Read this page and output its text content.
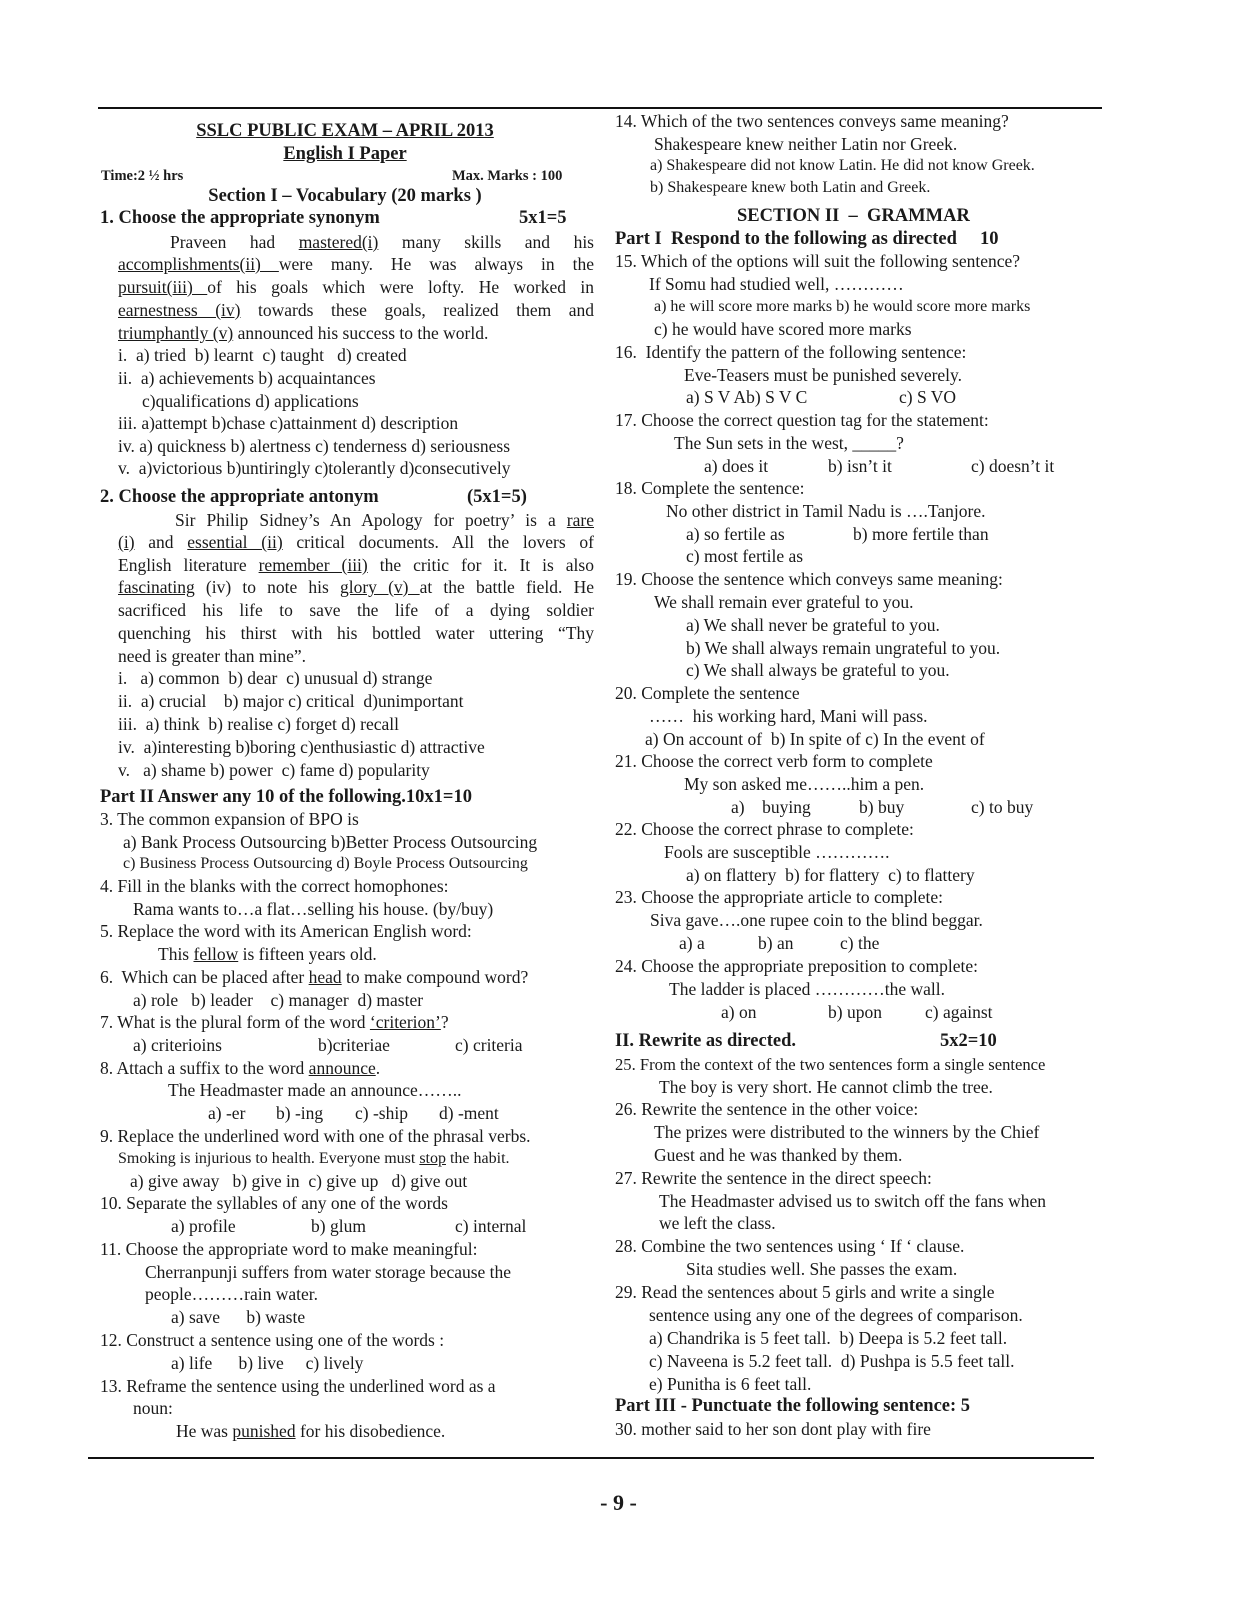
SSLC PUBLIC EXAM – APRIL 2013
English I Paper
Time:2 ½ hrs	Max. Marks : 100
Section I – Vocabulary (20 marks )
1. Choose the appropriate synonym	5x1=5
Praveen had mastered(i) many skills and his
accomplishments(ii) were many. He was always in the
pursuit(iii) of his goals which were lofty. He worked in
earnestness (iv) towards these goals, realized them and
triumphantly (v) announced his success to the world.
i.  a) tried  b) learnt  c) taught   d) created
ii.  a) achievements b) acquaintances
c)qualifications d) applications
iii. a)attempt b)chase c)attainment d) description
iv. a) quickness b) alertness c) tenderness d) seriousness
v.  a)victorious b)untiringly c)tolerantly d)consecutively
2. Choose the appropriate antonym	(5x1=5)
Sir Philip Sidney’s An Apology for poetry’ is a rare
(i) and essential (ii) critical documents. All the lovers of
English literature remember (iii) the critic for it. It is also
fascinating (iv) to note his glory (v) at the battle field. He
sacrificed his life to save the life of a dying soldier
quenching his thirst with his bottled water uttering “Thy
need is greater than mine”.
i.   a) common  b) dear  c) unusual d) strange
ii.  a) crucial    b) major c) critical  d)unimportant
iii.  a) think  b) realise c) forget d) recall
iv.  a)interesting b)boring c)enthusiastic d) attractive
v.   a) shame b) power  c) fame d) popularity
Part II Answer any 10 of the following.10x1=10
3. The common expansion of BPO is
a) Bank Process Outsourcing b)Better Process Outsourcing
c) Business Process Outsourcing d) Boyle Process Outsourcing
4. Fill in the blanks with the correct homophones:
Rama wants to…a flat…selling his house. (by/buy)
5. Replace the word with its American English word:
This fellow is fifteen years old.
6.  Which can be placed after head to make compound word?
a) role   b) leader    c) manager  d) master
7. What is the plural form of the word ‘criterion’?
a) criterioins	b)criteriae	c) criteria
8. Attach a suffix to the word announce.
The Headmaster made an announce……..
a) -er b) -ing c) -ship d) -ment
9. Replace the underlined word with one of the phrasal verbs.
Smoking is injurious to health. Everyone must stop the habit.
a) give away   b) give in  c) give up   d) give out
10. Separate the syllables of any one of the words
a) profile	b) glum	c) internal
11. Choose the appropriate word to make meaningful:
Cherranpunji suffers from water storage because the
people………rain water.
a) save      b) waste
12. Construct a sentence using one of the words :
a) life      b) live     c) lively
13. Reframe the sentence using the underlined word as a
noun:
He was punished for his disobedience.
14. Which of the two sentences conveys same meaning?
Shakespeare knew neither Latin nor Greek.
a) Shakespeare did not know Latin. He did not know Greek.
b) Shakespeare knew both Latin and Greek.
SECTION II  –  GRAMMAR
Part I  Respond to the following as directed     10
15. Which of the options will suit the following sentence?
If Somu had studied well, …………
a) he will score more marks b) he would score more marks
c) he would have scored more marks
16.  Identify the pattern of the following sentence:
Eve-Teasers must be punished severely.
a) S V Ab) S V C	c) S VO
17. Choose the correct question tag for the statement:
The Sun sets in the west, _____?
a) does it	b) isn’t it	c) doesn’t it
18. Complete the sentence:
No other district in Tamil Nadu is ….Tanjore.
a) so fertile as	b) more fertile than
c) most fertile as
19. Choose the sentence which conveys same meaning:
We shall remain ever grateful to you.
a) We shall never be grateful to you.
b) We shall always remain ungrateful to you.
c) We shall always be grateful to you.
20. Complete the sentence
……  his working hard, Mani will pass.
a) On account of  b) In spite of c) In the event of
21. Choose the correct verb form to complete
My son asked me……..him a pen.
a)    buying	b) buy	c) to buy
22. Choose the correct phrase to complete:
Fools are susceptible ………….
a) on flattery  b) for flattery  c) to flattery
23. Choose the appropriate article to complete:
Siva gave….one rupee coin to the blind beggar.
a) a	b) an	c) the
24. Choose the appropriate preposition to complete:
The ladder is placed …………the wall.
a) on	b) upon c) against
II. Rewrite as directed.	5x2=10
25. From the context of the two sentences form a single sentence
The boy is very short. He cannot climb the tree.
26. Rewrite the sentence in the other voice:
The prizes were distributed to the winners by the Chief
Guest and he was thanked by them.
27. Rewrite the sentence in the direct speech:
The Headmaster advised us to switch off the fans when
we left the class.
28. Combine the two sentences using ‘ If ‘ clause.
Sita studies well. She passes the exam.
29. Read the sentences about 5 girls and write a single
sentence using any one of the degrees of comparison.
a) Chandrika is 5 feet tall.  b) Deepa is 5.2 feet tall.
c) Naveena is 5.2 feet tall.  d) Pushpa is 5.5 feet tall.
e) Punitha is 6 feet tall.
Part III - Punctuate the following sentence: 5
30. mother said to her son dont play with fire
- 9 -
